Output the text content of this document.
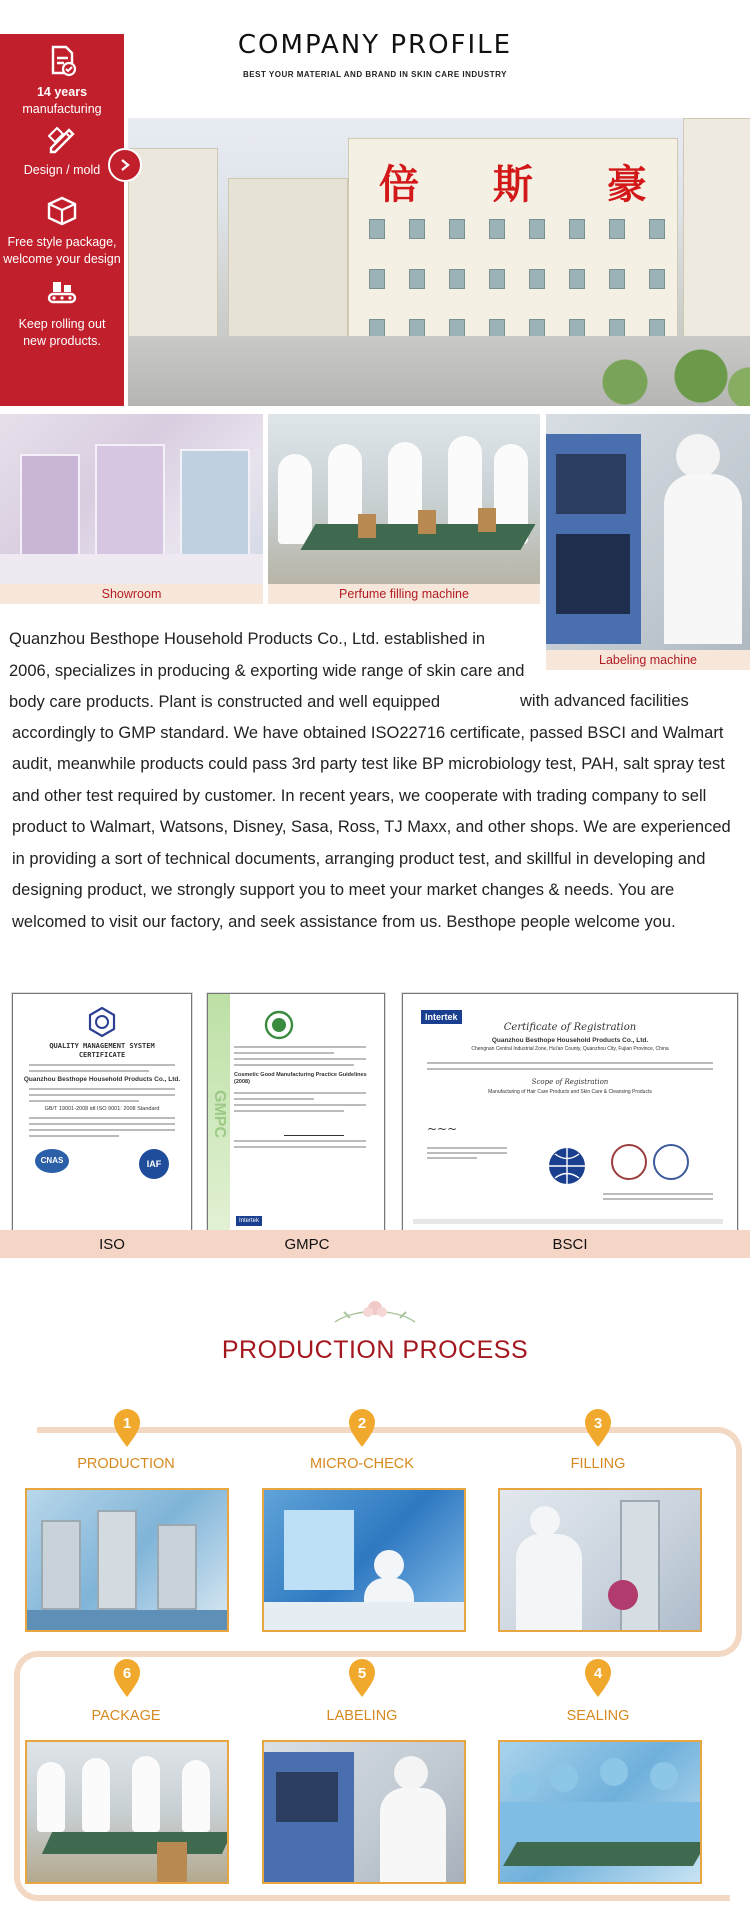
COMPANY PROFILE
BEST YOUR MATERIAL AND BRAND IN SKIN CARE INDUSTRY
倍 斯 豪
14 years
manufacturing
Design / mold
Free style package, welcome your design
Keep rolling out new products.
Showroom	Perfume filling machine
Labeling machine
Quanzhou Besthope Household Products Co., Ltd. established in 2006, specializes in producing & exporting wide range of skin care and body care products. Plant is constructed and well equipped	with advanced facilities accordingly to GMP standard. We have obtained ISO22716 certificate, passed BSCI and Walmart audit, meanwhile products could pass 3rd party test like BP microbiology test, PAH, salt spray test and other test required by customer. In recent years, we cooperate with trading company to sell product to Walmart, Watsons, Disney, Sasa, Ross, TJ Maxx, and other shops. We are experienced in providing a sort of technical documents, arranging product test, and skillful in developing and designing product, we strongly support you to meet your market changes & needs. You are welcomed to visit our factory, and seek assistance from us. Besthope people welcome you.
QUALITY MANAGEMENT SYSTEM CERTIFICATE
Quanzhou Besthope Household Products Co., Ltd.
GB/T 19001-2008 idt ISO 9001: 2008 Standard
CNAS	IAF
GMPC
Cosmetic Good Manufacturing Practice Guidelines (2008)
Intertek
Intertek
Certificate of Registration
Quanzhou Besthope Household Products Co., Ltd.
Chengnan Central Industrial Zone, Hui'an County, Quanzhou City, Fujian Province, China
Scope of Registration
Manufacturing of Hair Care Products and Skin Care & Cleansing Products
~~~
ISO	GMPC	BSCI
PRODUCTION PROCESS
1
PRODUCTION
2
MICRO-CHECK
3
FILLING
6
PACKAGE
5
LABELING
4
SEALING
